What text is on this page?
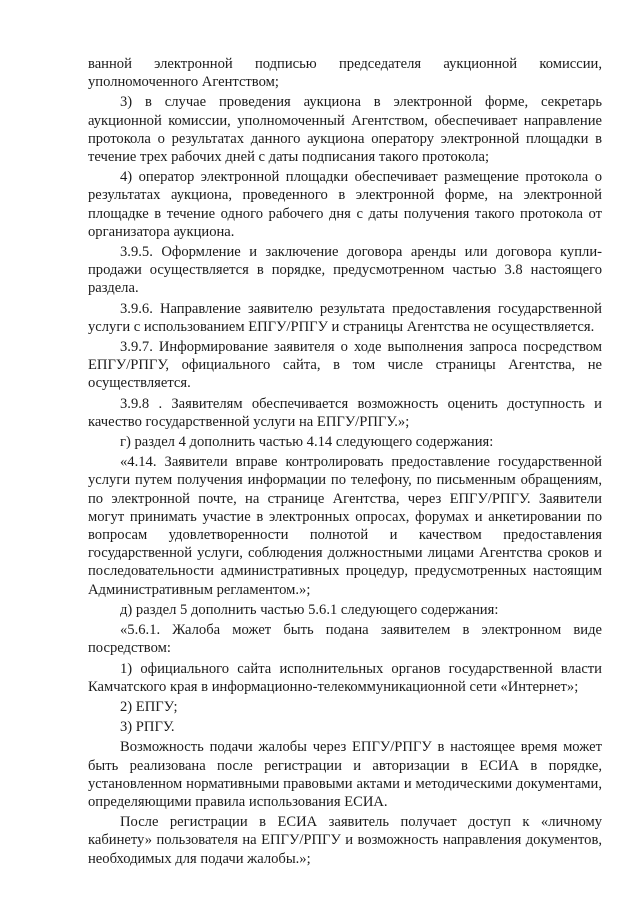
ванной электронной подписью председателя аукционной комиссии, уполномоченного Агентством;

3) в случае проведения аукциона в электронной форме, секретарь аукционной комиссии, уполномоченный Агентством, обеспечивает направление протокола о результатах данного аукциона оператору электронной площадки в течение трех рабочих дней с даты подписания такого протокола;

4) оператор электронной площадки обеспечивает размещение протокола о результатах аукциона, проведенного в электронной форме, на электронной площадке в течение одного рабочего дня с даты получения такого протокола от организатора аукциона.

3.9.5. Оформление и заключение договора аренды или договора купли-продажи осуществляется в порядке, предусмотренном частью 3.8 настоящего раздела.

3.9.6. Направление заявителю результата предоставления государственной услуги с использованием ЕПГУ/РПГУ и страницы Агентства не осуществляется.

3.9.7. Информирование заявителя о ходе выполнения запроса посредством ЕПГУ/РПГУ, официального сайта, в том числе страницы Агентства, не осуществляется.

3.9.8 . Заявителям обеспечивается возможность оценить доступность и качество государственной услуги на ЕПГУ/РПГУ.»;

г) раздел 4 дополнить частью 4.14 следующего содержания:

«4.14. Заявители вправе контролировать предоставление государственной услуги путем получения информации по телефону, по письменным обращениям, по электронной почте, на странице Агентства, через ЕПГУ/РПГУ. Заявители могут принимать участие в электронных опросах, форумах и анкетировании по вопросам удовлетворенности полнотой и качеством предоставления государственной услуги, соблюдения должностными лицами Агентства сроков и последовательности административных процедур, предусмотренных настоящим Административным регламентом.»;

д) раздел 5 дополнить частью 5.6.1 следующего содержания:

«5.6.1. Жалоба может быть подана заявителем в электронном виде посредством:

1) официального сайта исполнительных органов государственной власти Камчатского края в информационно-телекоммуникационной сети «Интернет»;

2) ЕПГУ;

3) РПГУ.

Возможность подачи жалобы через ЕПГУ/РПГУ в настоящее время может быть реализована после регистрации и авторизации в ЕСИА в порядке, установленном нормативными правовыми актами и методическими документами, определяющими правила использования ЕСИА.

После регистрации в ЕСИА заявитель получает доступ к «личному кабинету» пользователя на ЕПГУ/РПГУ и возможность направления документов, необходимых для подачи жалобы.»;
